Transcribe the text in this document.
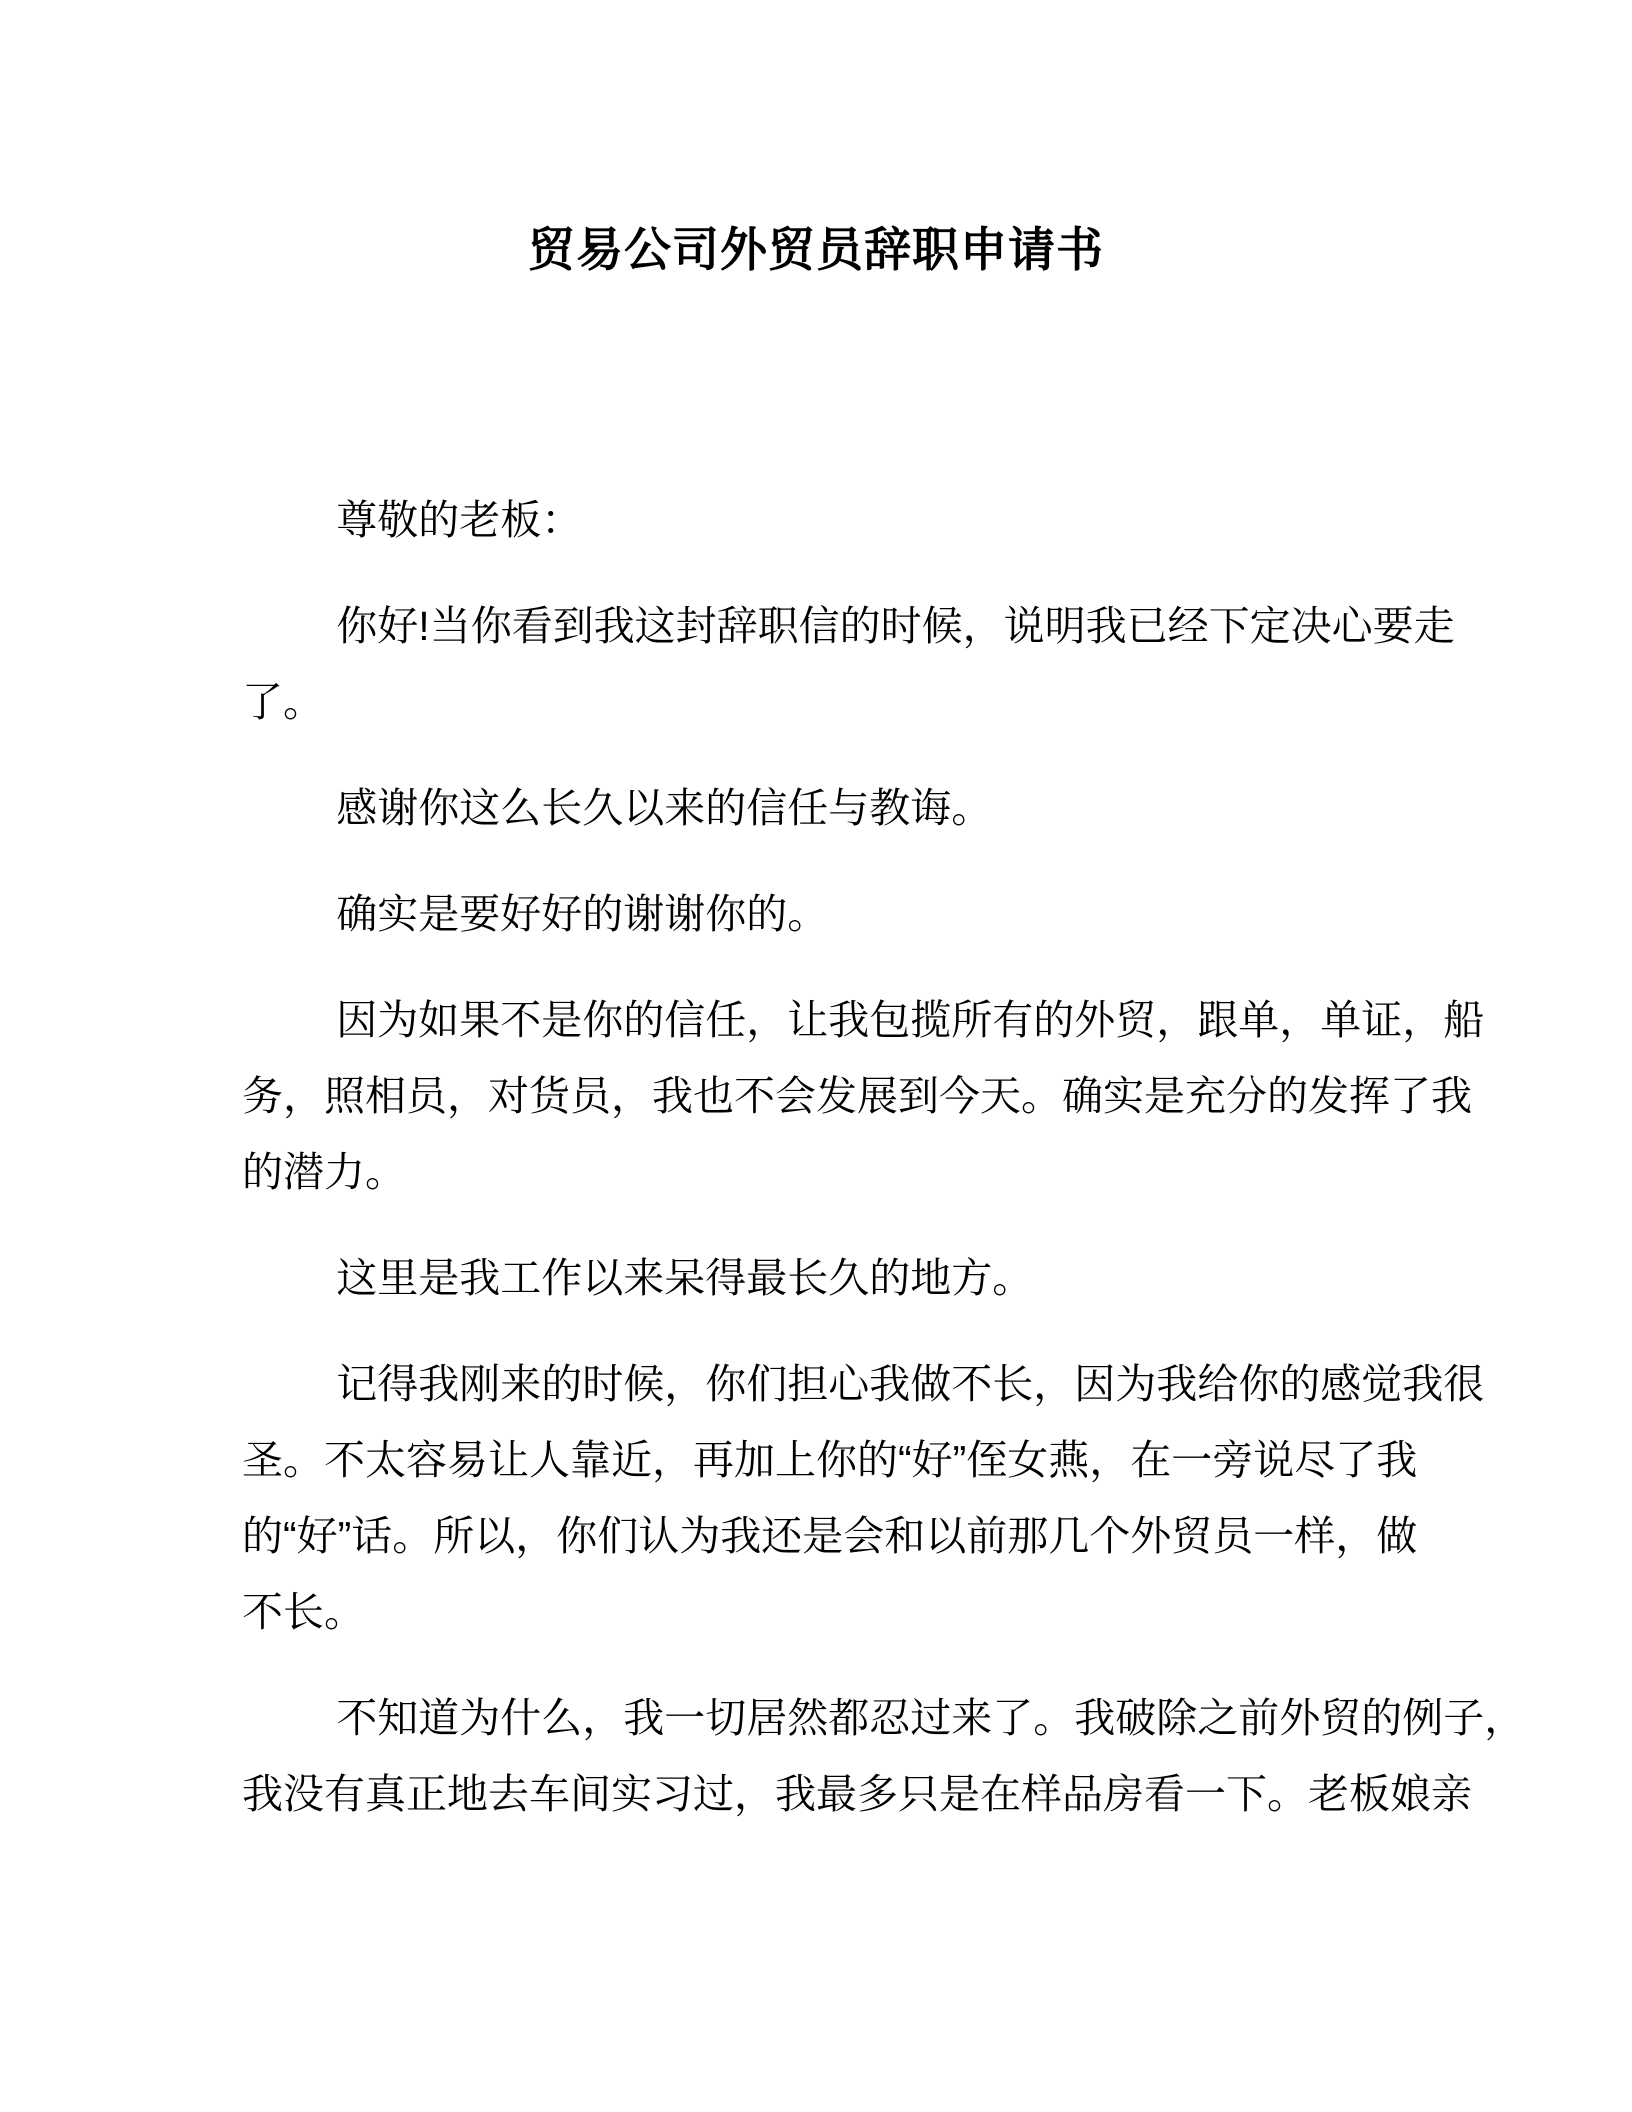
贸易公司外贸员辞职申请书

尊敬的老板：

你好!当你看到我这封辞职信的时候，说明我已经下定决心要走
了。

感谢你这么长久以来的信任与教诲。

确实是要好好的谢谢你的。

因为如果不是你的信任，让我包揽所有的外贸，跟单，单证，船
务，照相员，对货员，我也不会发展到今天。确实是充分的发挥了我
的潜力。

这里是我工作以来呆得最长久的地方。

记得我刚来的时候，你们担心我做不长，因为我给你的感觉我很
圣。不太容易让人靠近，再加上你的“好”侄女燕，在一旁说尽了我
的“好”话。所以，你们认为我还是会和以前那几个外贸员一样，做
不长。

不知道为什么，我一切居然都忍过来了。我破除之前外贸的例子，
我没有真正地去车间实习过，我最多只是在样品房看一下。老板娘亲
